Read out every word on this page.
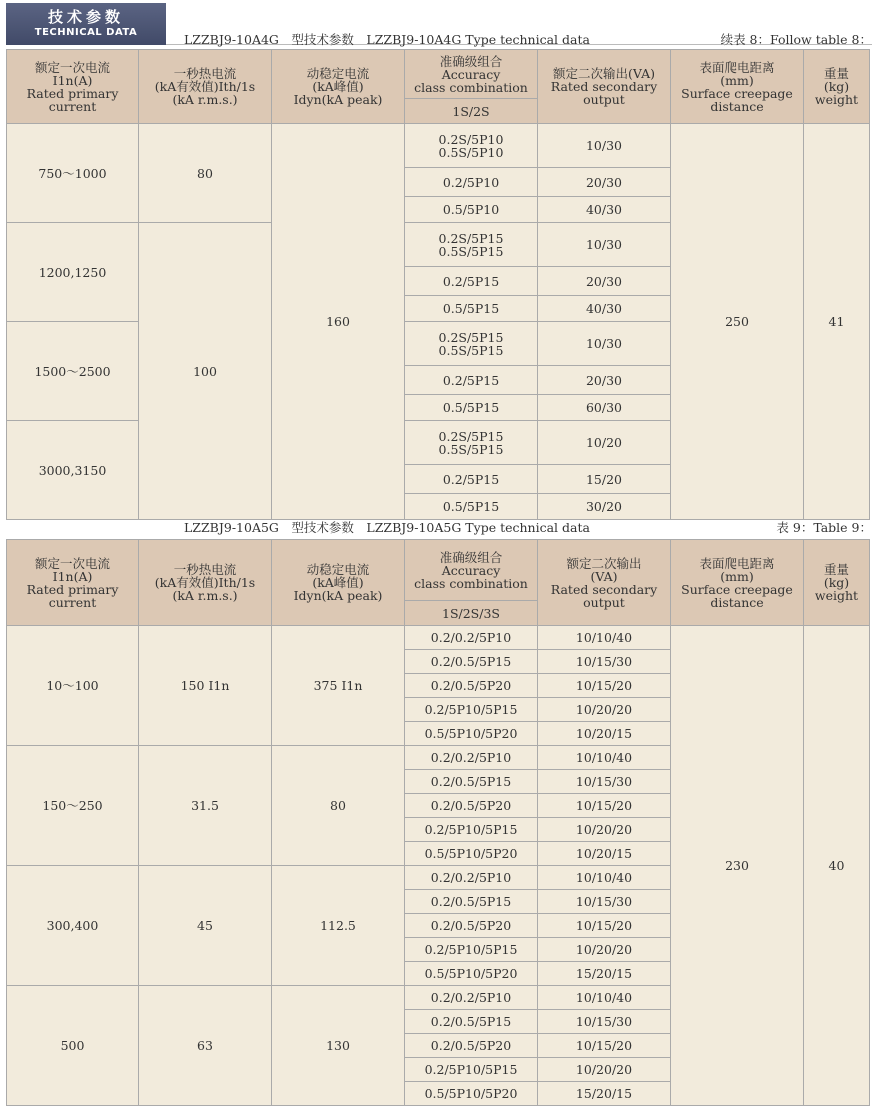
技术参数
TECHNICAL DATA	LZZBJ9-10A4G　型技术参数　LZZBJ9-10A4G Type technical data	续表 8：Follow table 8：
额定一次电流
I1n(A)
Rated primary
current	一秒热电流
(kA有效值)Ith/1s
(kA r.m.s.)	动稳定电流
(kA峰值)
Idyn(kA peak)	准确级组合
Accuracy
class combination	额定二次输出(VA)
Rated secondary
output	表面爬电距离
(mm)
Surface creepage
distance	重量
(kg)
weight

			1S/2S			
750～1000	80	160	0.2S/5P10
0.5S/5P10	10/30	250	41

			0.2/5P10	20/30		

			0.5/5P10	40/30		
1200,1250	100		0.2S/5P15
0.5S/5P15	10/30		

			0.2/5P15	20/30		

			0.5/5P15	40/30		
1500～2500			0.2S/5P15
0.5S/5P15	10/30		

			0.2/5P15	20/30		

			0.5/5P15	60/30		
3000,3150			0.2S/5P15
0.5S/5P15	10/20		

			0.2/5P15	15/20		

			0.5/5P15	30/20		
LZZBJ9-10A5G　型技术参数　LZZBJ9-10A5G Type technical data	表 9：Table 9：
额定一次电流
I1n(A)
Rated primary
current	一秒热电流
(kA有效值)Ith/1s
(kA r.m.s.)	动稳定电流
(kA峰值)
Idyn(kA peak)	准确级组合
Accuracy
class combination	额定二次输出
(VA)
Rated secondary
output	表面爬电距离
(mm)
Surface creepage
distance	重量
(kg)
weight

			1S/2S/3S			
10～100	150 I1n	375 I1n	0.2/0.2/5P10	10/10/40	230	40
			0.2/0.5/5P15	10/15/30		
			0.2/0.5/5P20	10/15/20		
			0.2/5P10/5P15	10/20/20		
			0.5/5P10/5P20	10/20/15		
150～250	31.5	80	0.2/0.2/5P10	10/10/40		
			0.2/0.5/5P15	10/15/30		
			0.2/0.5/5P20	10/15/20		
			0.2/5P10/5P15	10/20/20		
			0.5/5P10/5P20	10/20/15		
300,400	45	112.5	0.2/0.2/5P10	10/10/40		
			0.2/0.5/5P15	10/15/30		
			0.2/0.5/5P20	10/15/20		
			0.2/5P10/5P15	10/20/20		
			0.5/5P10/5P20	15/20/15		
500	63	130	0.2/0.2/5P10	10/10/40		
			0.2/0.5/5P15	10/15/30		
			0.2/0.5/5P20	10/15/20		
			0.2/5P10/5P15	10/20/20		
			0.5/5P10/5P20	15/20/15		
